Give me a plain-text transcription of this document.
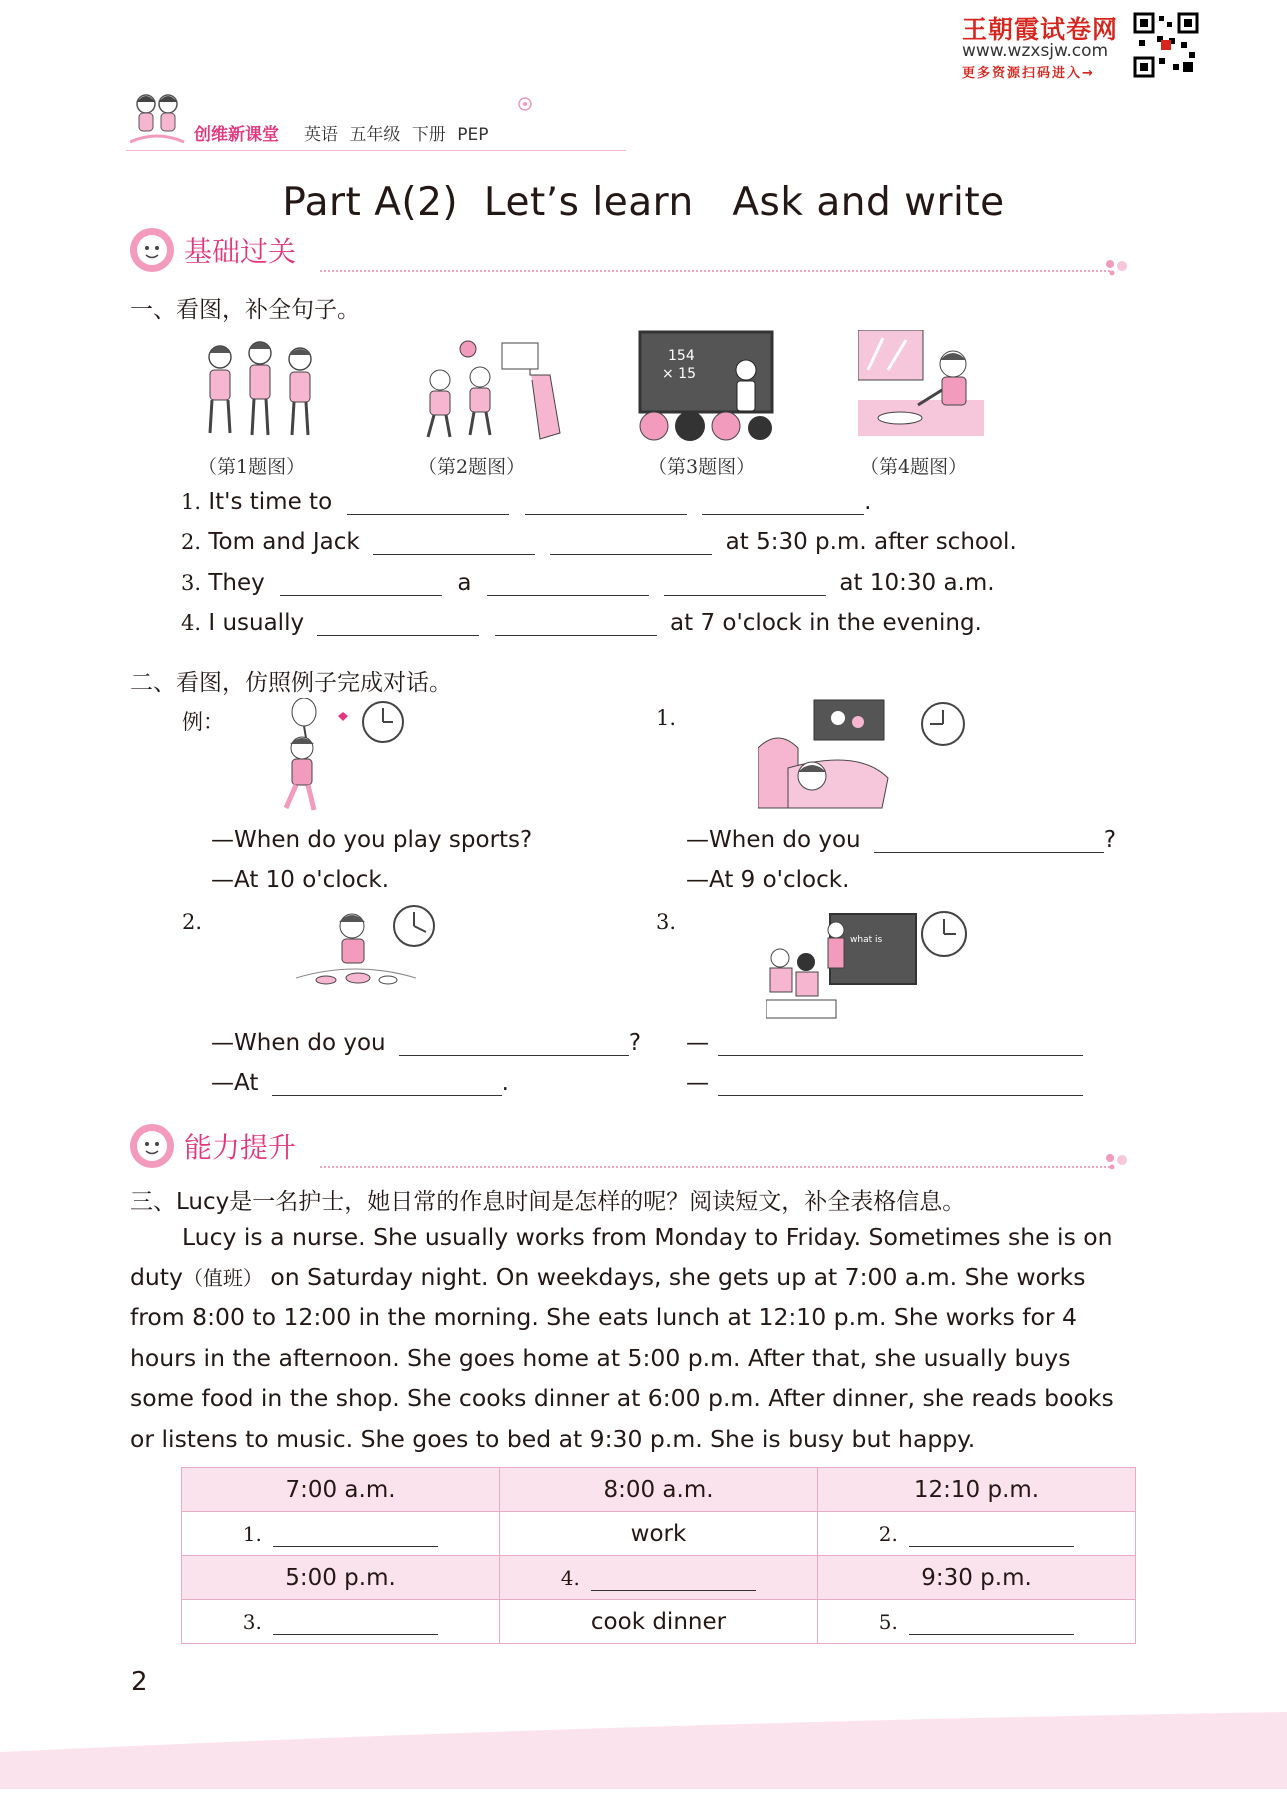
创维新课堂 英语 五年级 下册 PEP
王朝霞试卷网
www.wzxsjw.com
更多资源扫码进入→
Part A(2)  Let’s learn   Ask and write
基础过关
一、看图，补全句子。
154
× 15
（第1题图）	（第2题图）	（第3题图）	（第4题图）
1. It's time to	.
2. Tom and Jack	at 5:30 p.m. after school.
3. They	a	at 10:30 a.m.
4. I usually	at 7 o'clock in the evening.
二、看图，仿照例子完成对话。
例：	1.
—When do you play sports?
—At 10 o'clock.
—When do you	?
—At 9 o'clock.
2.	3.
what is
—When do you	?
—At	.
—
—
能力提升
三、Lucy是一名护士，她日常的作息时间是怎样的呢？阅读短文，补全表格信息。
Lucy is a nurse. She usually works from Monday to Friday. Sometimes she is on
duty（值班） on Saturday night. On weekdays, she gets up at 7:00 a.m. She works
from 8:00 to 12:00 in the morning. She eats lunch at 12:10 p.m. She works for 4
hours in the afternoon. She goes home at 5:00 p.m. After that, she usually buys
some food in the shop. She cooks dinner at 6:00 p.m. After dinner, she reads books
or listens to music. She goes to bed at 9:30 p.m. She is busy but happy.
7:00 a.m.	8:00 a.m.	12:10 p.m.
1.	work	2.
5:00 p.m.	4.	9:30 p.m.
3.	cook dinner	5.
2
